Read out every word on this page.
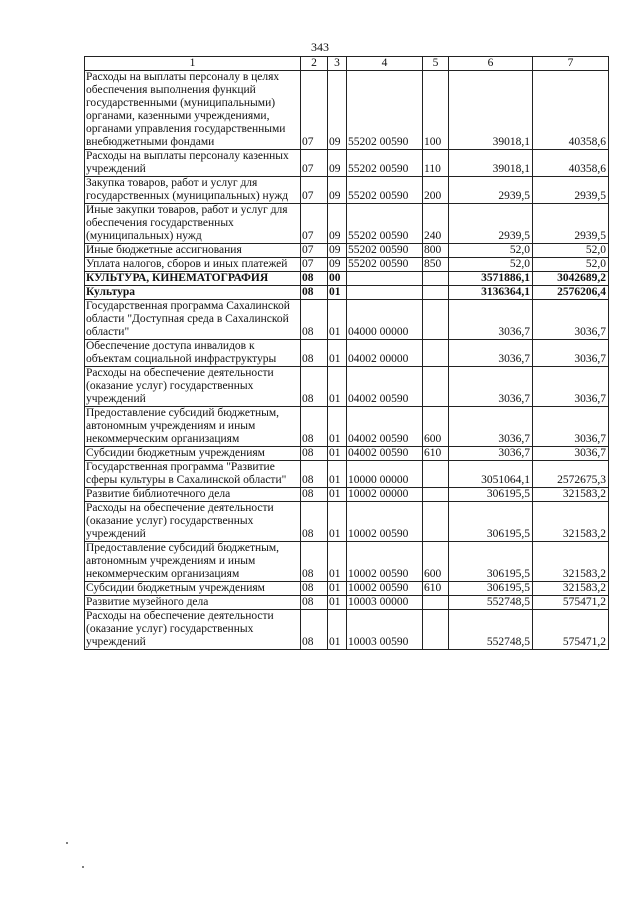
343
1	2	3	4	5	6	7
Расходы на выплаты персоналу в целях обеспечения выполнения функций государственными (муниципальными) органами, казенными учреждениями, органами управления государственными внебюджетными фондами	07	09	55202 00590	100	39018,1	40358,6
Расходы на выплаты персоналу казенных учреждений	07	09	55202 00590	110	39018,1	40358,6
Закупка товаров, работ и услуг для государственных (муниципальных) нужд	07	09	55202 00590	200	2939,5	2939,5
Иные закупки товаров, работ и услуг для обеспечения государственных (муниципальных) нужд	07	09	55202 00590	240	2939,5	2939,5
Иные бюджетные ассигнования	07	09	55202 00590	800	52,0	52,0
Уплата налогов, сборов и иных платежей	07	09	55202 00590	850	52,0	52,0
КУЛЬТУРА, КИНЕМАТОГРАФИЯ	08	00			3571886,1	3042689,2
Культура	08	01			3136364,1	2576206,4
Государственная программа Сахалинской области "Доступная среда в Сахалинской области"	08	01	04000 00000		3036,7	3036,7
Обеспечение доступа инвалидов к объектам социальной инфраструктуры	08	01	04002 00000		3036,7	3036,7
Расходы на обеспечение деятельности (оказание услуг) государственных учреждений	08	01	04002 00590		3036,7	3036,7
Предоставление субсидий бюджетным, автономным учреждениям и иным некоммерческим организациям	08	01	04002 00590	600	3036,7	3036,7
Субсидии бюджетным учреждениям	08	01	04002 00590	610	3036,7	3036,7
Государственная программа "Развитие сферы культуры в Сахалинской области"	08	01	10000 00000		3051064,1	2572675,3
Развитие библиотечного дела	08	01	10002 00000		306195,5	321583,2
Расходы на обеспечение деятельности (оказание услуг) государственных учреждений	08	01	10002 00590		306195,5	321583,2
Предоставление субсидий бюджетным, автономным учреждениям и иным некоммерческим организациям	08	01	10002 00590	600	306195,5	321583,2
Субсидии бюджетным учреждениям	08	01	10002 00590	610	306195,5	321583,2
Развитие музейного дела	08	01	10003 00000		552748,5	575471,2
Расходы на обеспечение деятельности (оказание услуг) государственных учреждений	08	01	10003 00590		552748,5	575471,2
